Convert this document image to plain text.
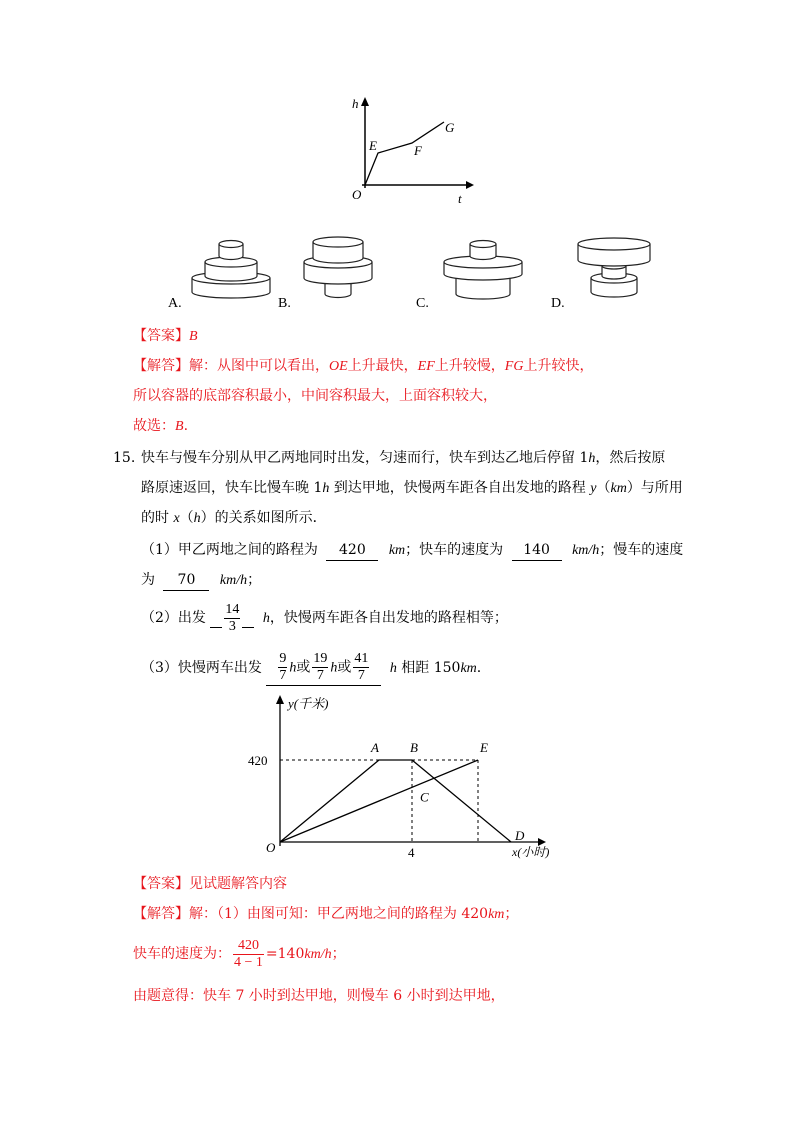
h
E	F
G
O	t
A.	B.	C.	D.
【答案】B
【解答】解：从图中可以看出，OE上升最快，EF上升较慢，FG上升较快，
所以容器的底部容积最小，中间容积最大，上面容积较大，
故选：B.
15. 快车与慢车分别从甲乙两地同时出发，匀速而行，快车到达乙地后停留 1h，然后按原
路原速返回，快车比慢车晚 1h 到达甲地，快慢两车距各自出发地的路程 y（km）与所用
的时 x（h）的关系如图所示．
（1）甲乙两地之间的路程为 420 km；快车的速度为 140 km/h；慢车的速度
为 70 km/h；
（2）出发 $\frac{14}{3}$ h，快慢两车距各自出发地的路程相等；
（3）快慢两车出发 $\frac{9}{7}$ h或 $\frac{19}{7}$ h或 $\frac{41}{7}$ h 相距 150km.
y(千米)
x(小时)
420
4
O
A B
C
D
E
【答案】见试题解答内容
【解答】解：（1）由图可知：甲乙两地之间的路程为 420km；
快车的速度为： $\frac{420}{4 - 1} =140km/h$；
由题意得：快车 7 小时到达甲地，则慢车 6 小时到达甲地，
